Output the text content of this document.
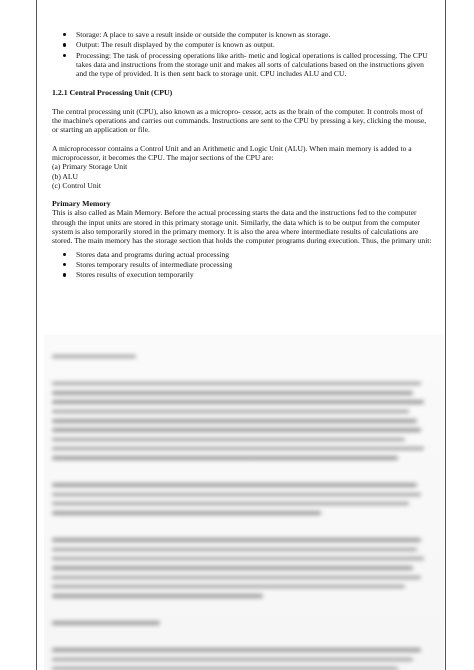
Storage: A place to save a result inside or outside the computer is known as storage.
Output: The result displayed by the computer is known as output.
Processing: The task of processing operations like arith- metic and logical operations is called processing. The CPU takes data and instructions from the storage unit and makes all sorts of calculations based on the instructions given and the type of provided. It is then sent back to storage unit. CPU includes ALU and CU.
1.2.1 Central Processing Unit (CPU)

The central processing unit (CPU), also known as a micropro- cessor, acts as the brain of the computer. It controls most of the machine's operations and carries out commands. Instructions are sent to the CPU by pressing a key, clicking the mouse, or starting an application or file.

A microprocessor contains a Control Unit and an Arithmetic and Logic Unit (ALU). When main memory is added to a microprocessor, it becomes the CPU. The major sections of the CPU are:

(a) Primary Storage Unit

(b) ALU

(c) Control Unit

Primary Memory

This is also called as Main Memory. Before the actual processing starts the data and the instructions fed to the computer through the input units are stored in this primary storage unit. Similarly, the data which is to be output from the computer system is also temporarily stored in the primary memory. It is also the area where intermediate results of calculations are stored. The main memory has the storage section that holds the computer programs during execution. Thus, the primary unit:

Stores data and programs during actual processing
Stores temporary results of intermediate processing
Stores results of execution temporarily
